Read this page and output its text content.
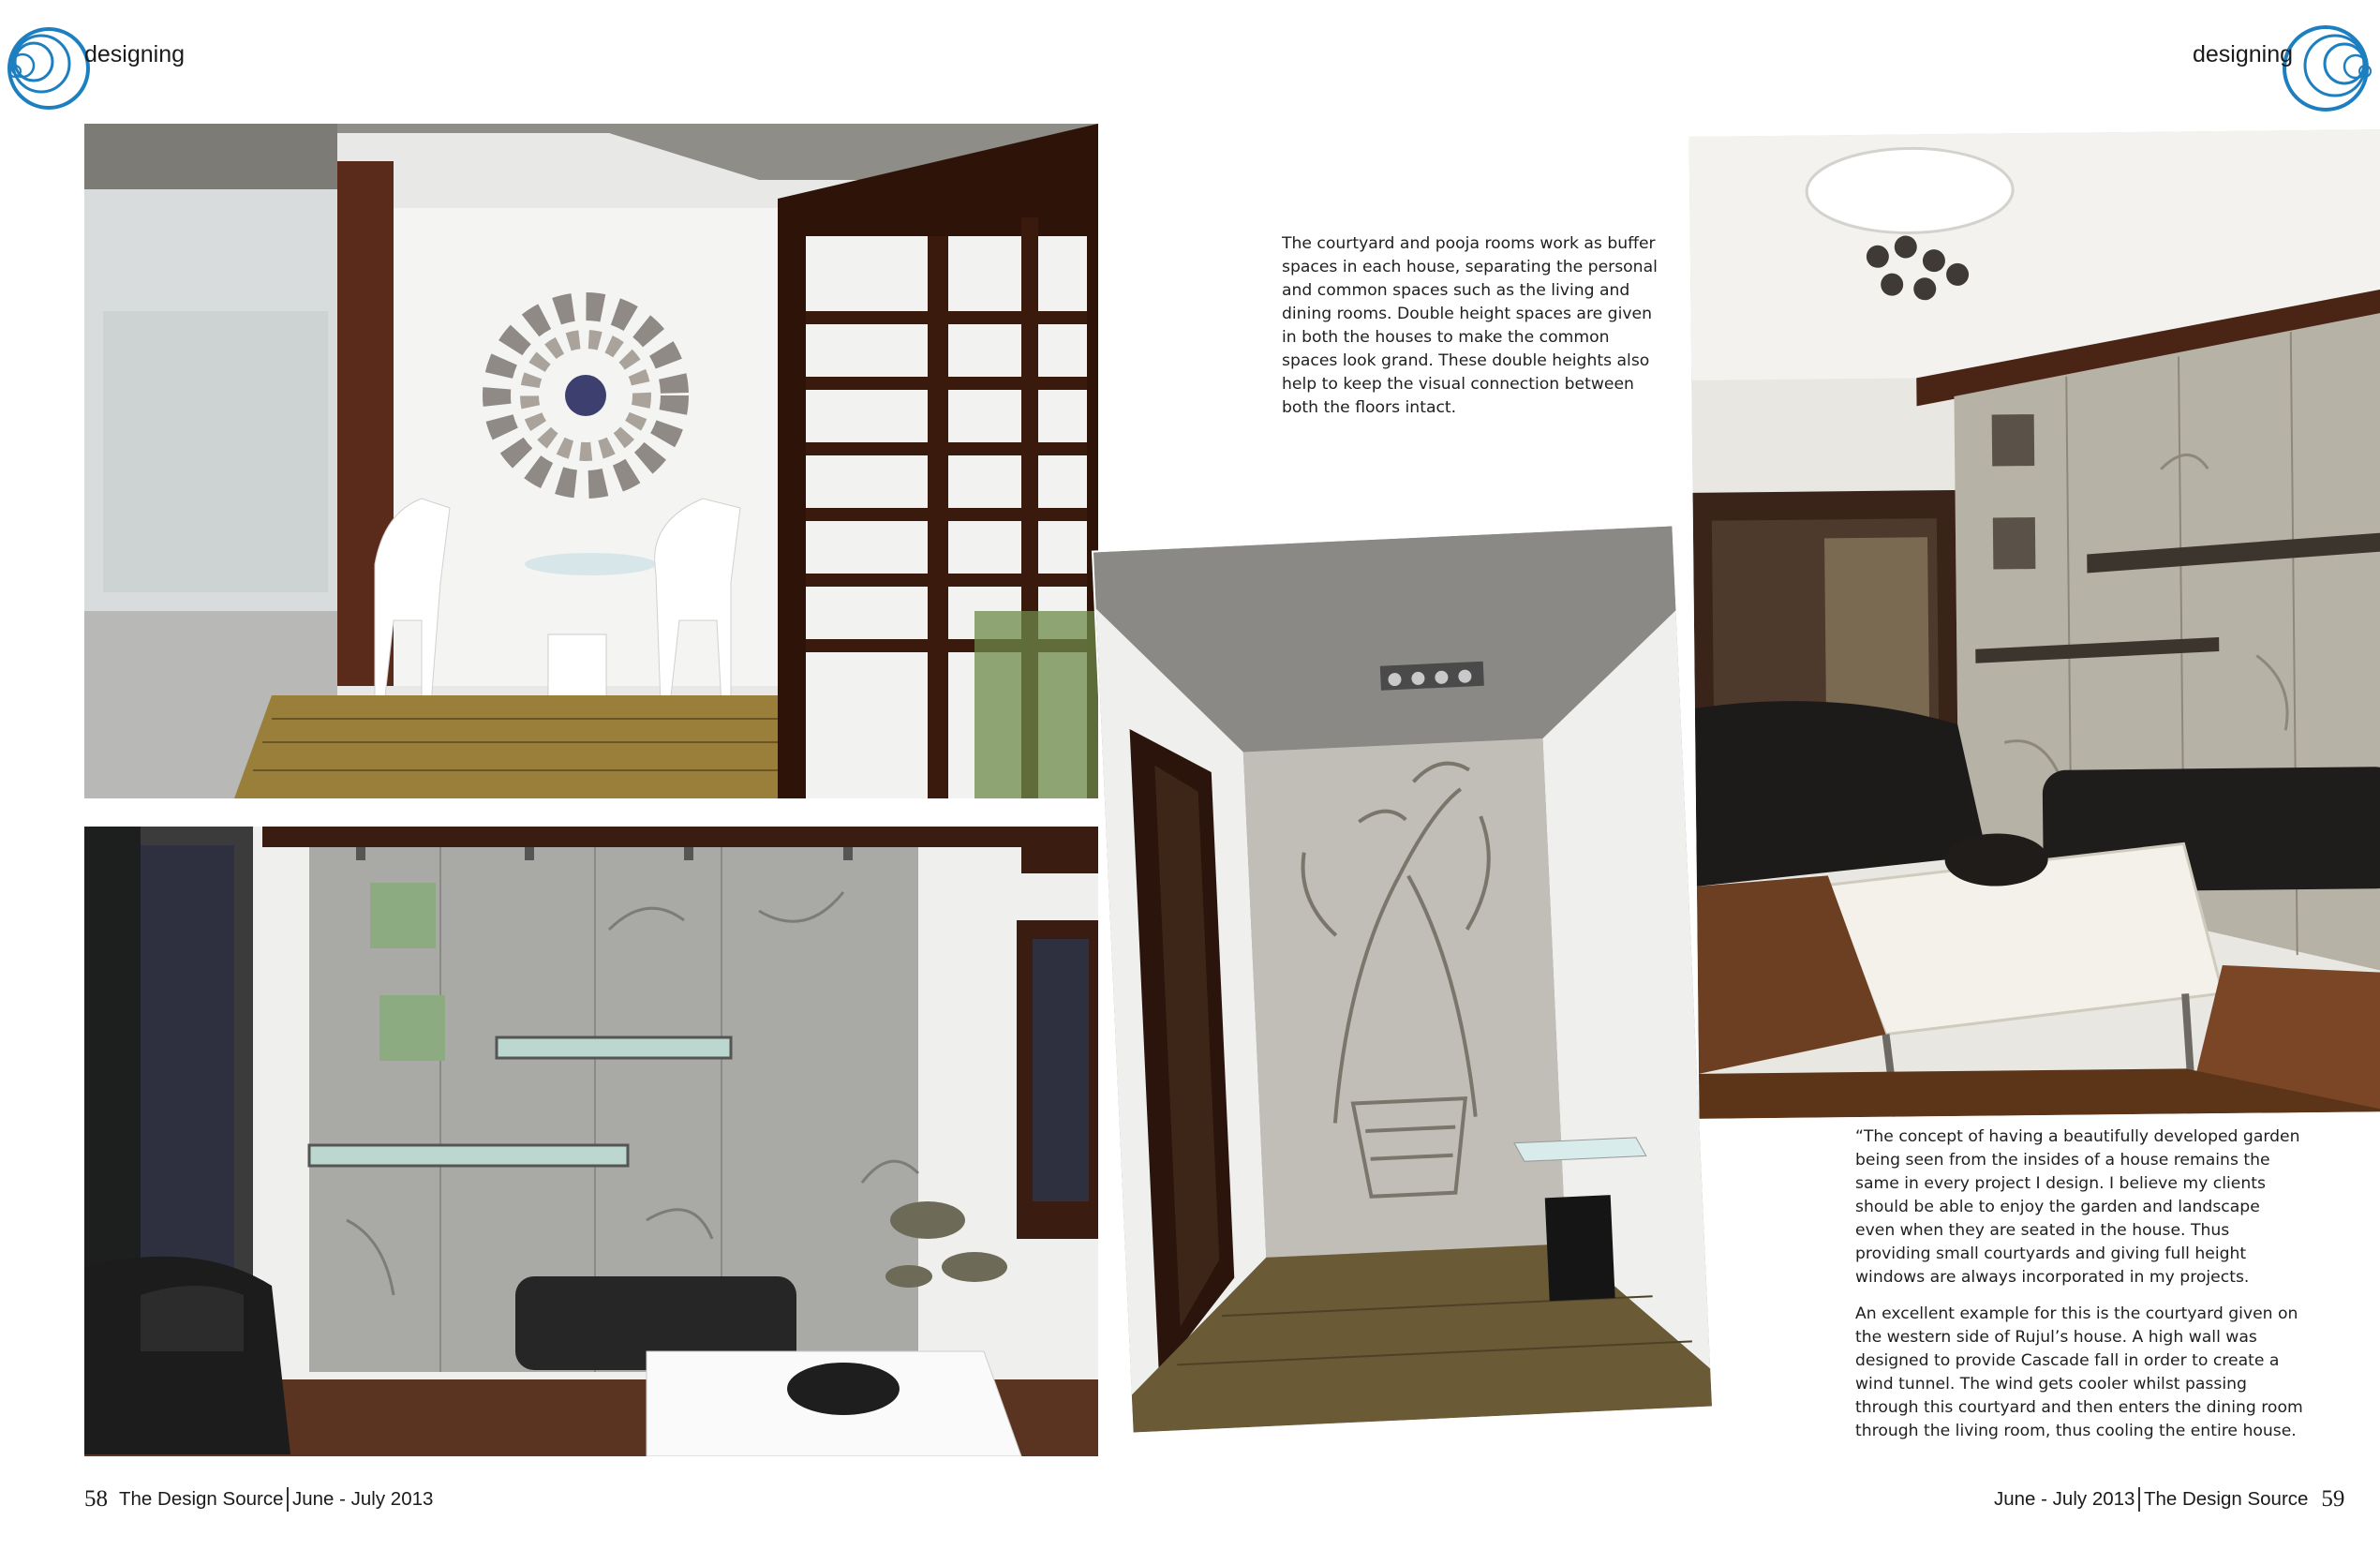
designing	designing

The courtyard and pooja rooms work as buffer spaces in each house, separating the personal and common spaces such as the living and dining rooms. Double height spaces are given in both the houses to make the common spaces look grand. These double heights also help to keep the visual connection between both the floors intact.

“The concept of having a beautifully developed garden being seen from the insides of a house remains the same in every project I design. I believe my clients should be able to enjoy the garden and landscape even when they are seated in the house. Thus providing small courtyards and giving full height windows are always incorporated in my projects.

An excellent example for this is the courtyard given on the western side of Rujul’s house. A high wall was designed to provide Cascade fall in order to create a wind tunnel. The wind gets cooler whilst passing through this courtyard and then enters the dining room through the living room, thus cooling the entire house.

58 The Design Source June - July 2013	June - July 2013 The Design Source 59
